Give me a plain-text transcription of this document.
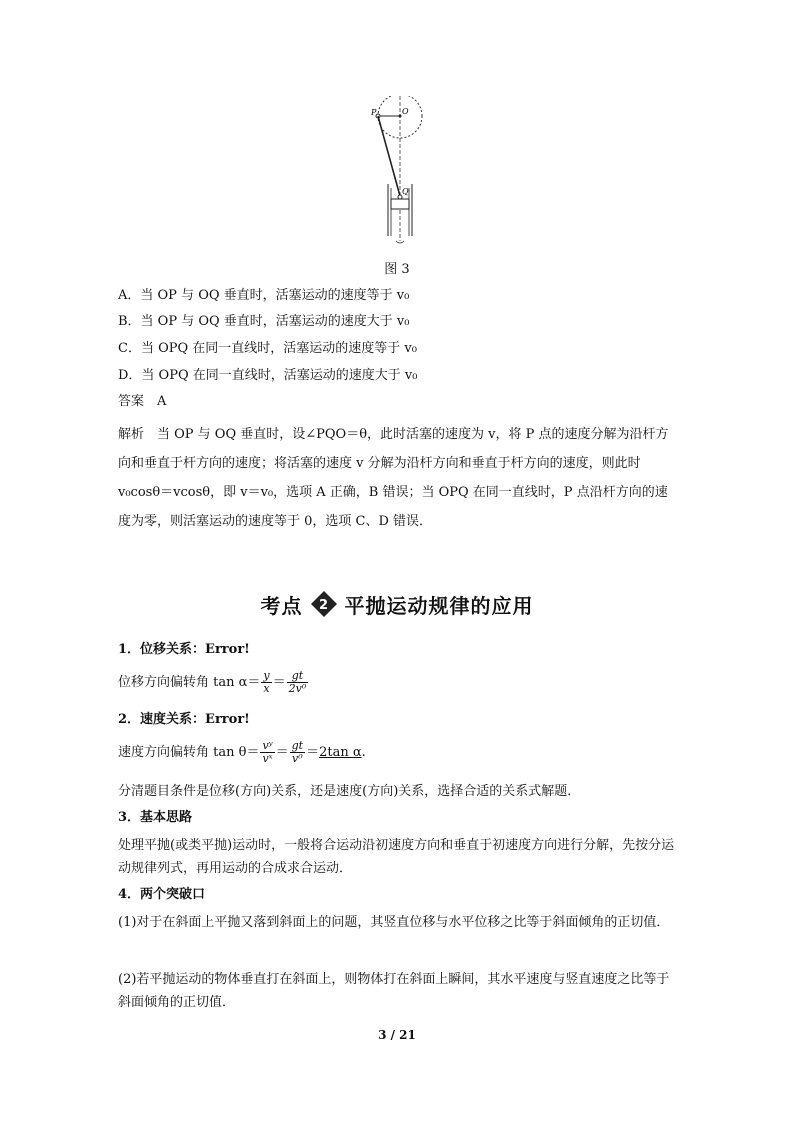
P	O
Q
图 3
A．当 OP 与 OQ 垂直时，活塞运动的速度等于 v₀
B．当 OP 与 OQ 垂直时，活塞运动的速度大于 v₀
C．当 OPQ 在同一直线时，活塞运动的速度等于 v₀
D．当 OPQ 在同一直线时，活塞运动的速度大于 v₀
答案　A
解析　当 OP 与 OQ 垂直时，设∠PQO＝θ，此时活塞的速度为 v，将 P 点的速度分解为沿杆方向和垂直于杆方向的速度；将活塞的速度 v 分解为沿杆方向和垂直于杆方向的速度，则此时 v₀cosθ＝vcosθ，即 v＝v₀，选项 A 正确，B 错误；当 OPQ 在同一直线时，P 点沿杆方向的速度为零，则活塞运动的速度等于 0，选项 C、D 错误．
考点 2 平抛运动规律的应用
1．位移关系：Error!
位移方向偏转角 $\tan \alpha= \frac{y}{x} = \frac{gt}{\text{2v⁰}}$
2．速度关系：Error!
速度方向偏转角 $\tan \theta= \frac{\text{vʸ}}{\text{vˣ}} = \frac{gt}{\text{v⁰}} =2\tan$ α.
分清题目条件是位移(方向)关系，还是速度(方向)关系，选择合适的关系式解题．
3．基本思路
处理平抛(或类平抛)运动时，一般将合运动沿初速度方向和垂直于初速度方向进行分解，先按分运动规律列式，再用运动的合成求合运动．
4．两个突破口
(1)对于在斜面上平抛又落到斜面上的问题，其竖直位移与水平位移之比等于斜面倾角的正切值．
(2)若平抛运动的物体垂直打在斜面上，则物体打在斜面上瞬间，其水平速度与竖直速度之比等于斜面倾角的正切值．
3 / 21
